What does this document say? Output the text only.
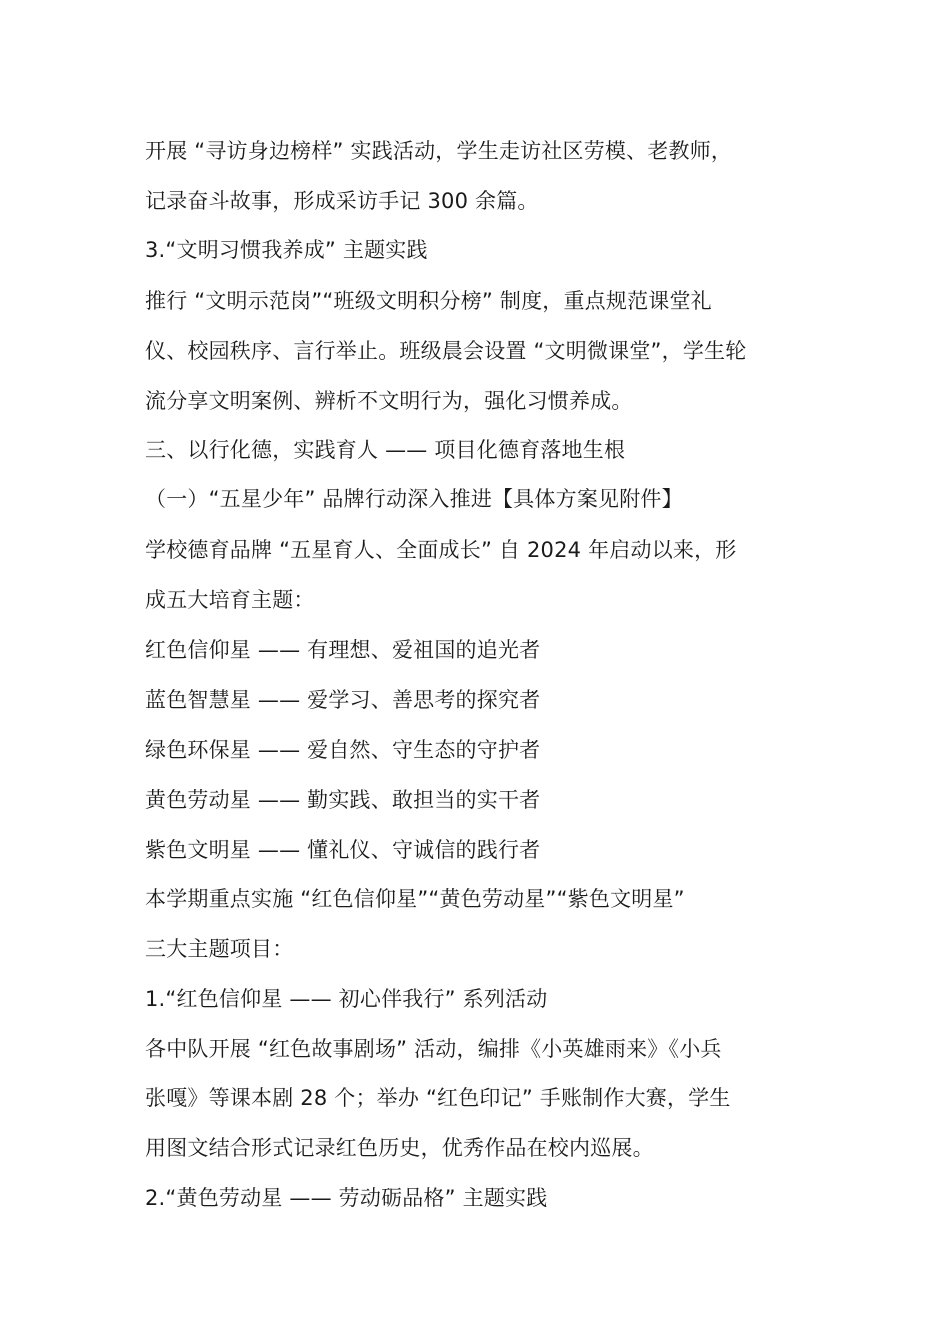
开展 “寻访身边榜样” 实践活动，学生走访社区劳模、老教师，
记录奋斗故事，形成采访手记 300 余篇。
3.“文明习惯我养成” 主题实践
推行 “文明示范岗”“班级文明积分榜” 制度，重点规范课堂礼
仪、校园秩序、言行举止。班级晨会设置 “文明微课堂”，学生轮
流分享文明案例、辨析不文明行为，强化习惯养成。
三、以行化德，实践育人 —— 项目化德育落地生根
（一）“五星少年” 品牌行动深入推进【具体方案见附件】
学校德育品牌 “五星育人、全面成长” 自 2024 年启动以来，形
成五大培育主题：
红色信仰星 —— 有理想、爱祖国的追光者
蓝色智慧星 —— 爱学习、善思考的探究者
绿色环保星 —— 爱自然、守生态的守护者
黄色劳动星 —— 勤实践、敢担当的实干者
紫色文明星 —— 懂礼仪、守诚信的践行者
本学期重点实施 “红色信仰星”“黄色劳动星”“紫色文明星”
三大主题项目：
1.“红色信仰星 —— 初心伴我行” 系列活动
各中队开展 “红色故事剧场” 活动，编排《小英雄雨来》《小兵
张嘎》等课本剧 28 个；举办 “红色印记” 手账制作大赛，学生
用图文结合形式记录红色历史，优秀作品在校内巡展。
2.“黄色劳动星 —— 劳动砺品格” 主题实践
